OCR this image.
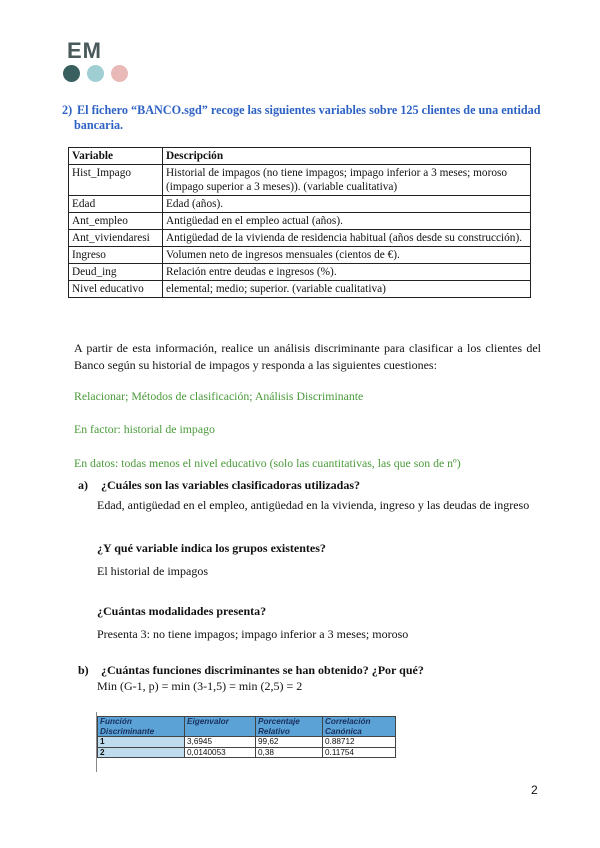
EM
2) El fichero “BANCO.sgd” recoge las siguientes variables sobre 125 clientes de una entidad
bancaria.
Variable	Descripción
Hist_Impago	Historial de impagos (no tiene impagos; impago inferior a 3 meses; moroso (impago superior a 3 meses)). (variable cualitativa)
Edad	Edad (años).
Ant_empleo	Antigüedad en el empleo actual (años).
Ant_viviendaresi	Antigüedad de la vivienda de residencia habitual (años desde su construcción).
Ingreso	Volumen neto de ingresos mensuales (cientos de €).
Deud_ing	Relación entre deudas e ingresos (%).
Nivel educativo	elemental; medio; superior. (variable cualitativa)
A partir de esta información, realice un análisis discriminante para clasificar a los clientes del Banco según su historial de impagos y responda a las siguientes cuestiones:
Relacionar; Métodos de clasificación; Análisis Discriminante
En factor: historial de impago
En datos: todas menos el nivel educativo (solo las cuantitativas, las que son de nº)
a) ¿Cuáles son las variables clasificadoras utilizadas?
Edad, antigüedad en el empleo, antigüedad en la vivienda, ingreso y las deudas de ingreso
¿Y qué variable indica los grupos existentes?
El historial de impagos
¿Cuántas modalidades presenta?
Presenta 3: no tiene impagos; impago inferior a 3 meses; moroso
b) ¿Cuántas funciones discriminantes se han obtenido? ¿Por qué?
Min (G-1, p) = min (3-1,5) = min (2,5) = 2
Función Discriminante	Eigenvalor	Porcentaje Relativo	Correlación Canónica
1	3,6945	99,62	0.88712
2	0,0140053	0,38	0.11754
2
